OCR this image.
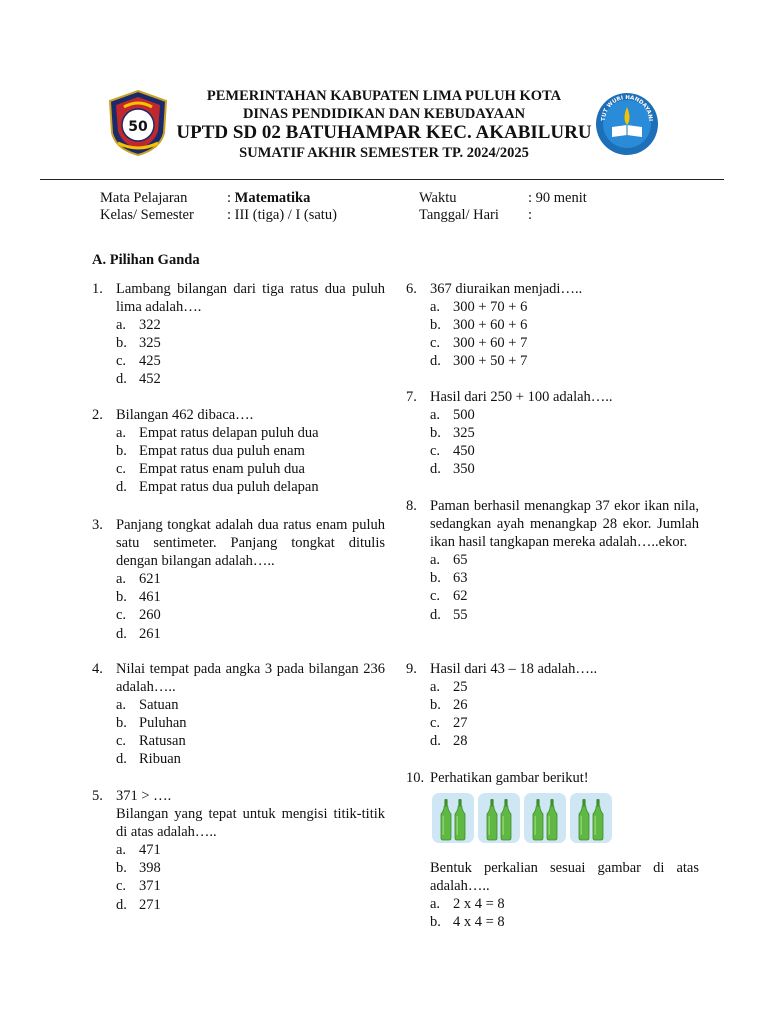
50	TUT WURI HANDAYANI
PEMERINTAHAN KABUPATEN LIMA PULUH KOTA
DINAS PENDIDIKAN DAN KEBUDAYAAN
UPTD SD 02 BATUHAMPAR KEC. AKABILURU
SUMATIF AKHIR SEMESTER TP. 2024/2025
Mata Pelajaran	: Matematika
Kelas/ Semester : III (tiga) / I (satu)
Waktu	: 90 menit
Tanggal/ Hari :
A. Pilihan Ganda
1. Lambang bilangan dari tiga ratus dua puluh lima adalah….
a. 322
b. 325
c. 425
d. 452
2. Bilangan 462 dibaca….
a. Empat ratus delapan puluh dua
b. Empat ratus dua puluh enam
c. Empat ratus enam puluh dua
d. Empat ratus dua puluh delapan
3. Panjang tongkat adalah dua ratus enam puluh satu sentimeter. Panjang tongkat ditulis dengan bilangan adalah…..
a. 621
b. 461
c. 260
d. 261
4. Nilai tempat pada angka 3 pada bilangan 236 adalah…..
a. Satuan
b. Puluhan
c. Ratusan
d. Ribuan
5. 371 > ….
Bilangan yang tepat untuk mengisi titik-titik di atas adalah…..
a. 471
b. 398
c. 371
d. 271
6. 367 diuraikan menjadi…..
a. 300 + 70 + 6
b. 300 + 60 + 6
c. 300 + 60 + 7
d. 300 + 50 + 7
7. Hasil dari 250 + 100 adalah…..
a. 500
b. 325
c. 450
d. 350
8. Paman berhasil menangkap 37 ekor ikan nila, sedangkan ayah menangkap 28 ekor. Jumlah ikan hasil tangkapan mereka adalah…..ekor.
a. 65
b. 63
c. 62
d. 55
9. Hasil dari 43 – 18 adalah…..
a. 25
b. 26
c. 27
d. 28
10. Perhatikan gambar berikut!
Bentuk perkalian sesuai gambar di atas adalah…..
a. 2 x 4 = 8
b. 4 x 4 = 8
